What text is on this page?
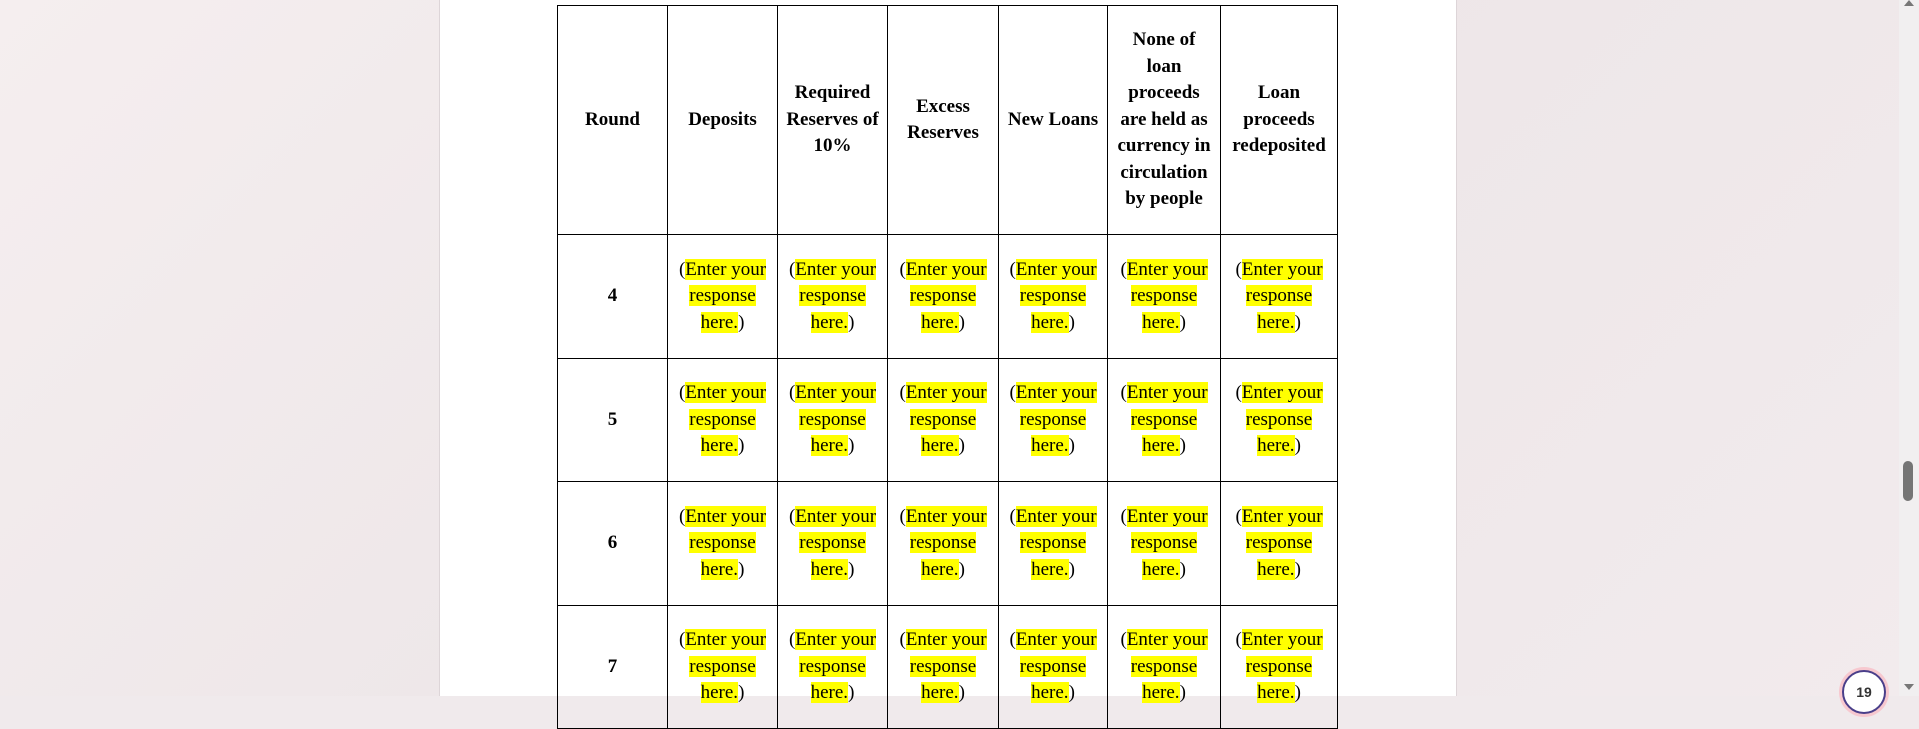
Round	Deposits	Required Reserves of 10%	Excess Reserves	New Loans	None of loan proceeds are held as currency in circulation by people	Loan proceeds redeposited
4	(Enter your response here.)	(Enter your response here.)	(Enter your response here.)	(Enter your response here.)	(Enter your response here.)	(Enter your response here.)
5	(Enter your response here.)	(Enter your response here.)	(Enter your response here.)	(Enter your response here.)	(Enter your response here.)	(Enter your response here.)
6	(Enter your response here.)	(Enter your response here.)	(Enter your response here.)	(Enter your response here.)	(Enter your response here.)	(Enter your response here.)
7	(Enter your response here.)	(Enter your response here.)	(Enter your response here.)	(Enter your response here.)	(Enter your response here.)	(Enter your response here.)	19
